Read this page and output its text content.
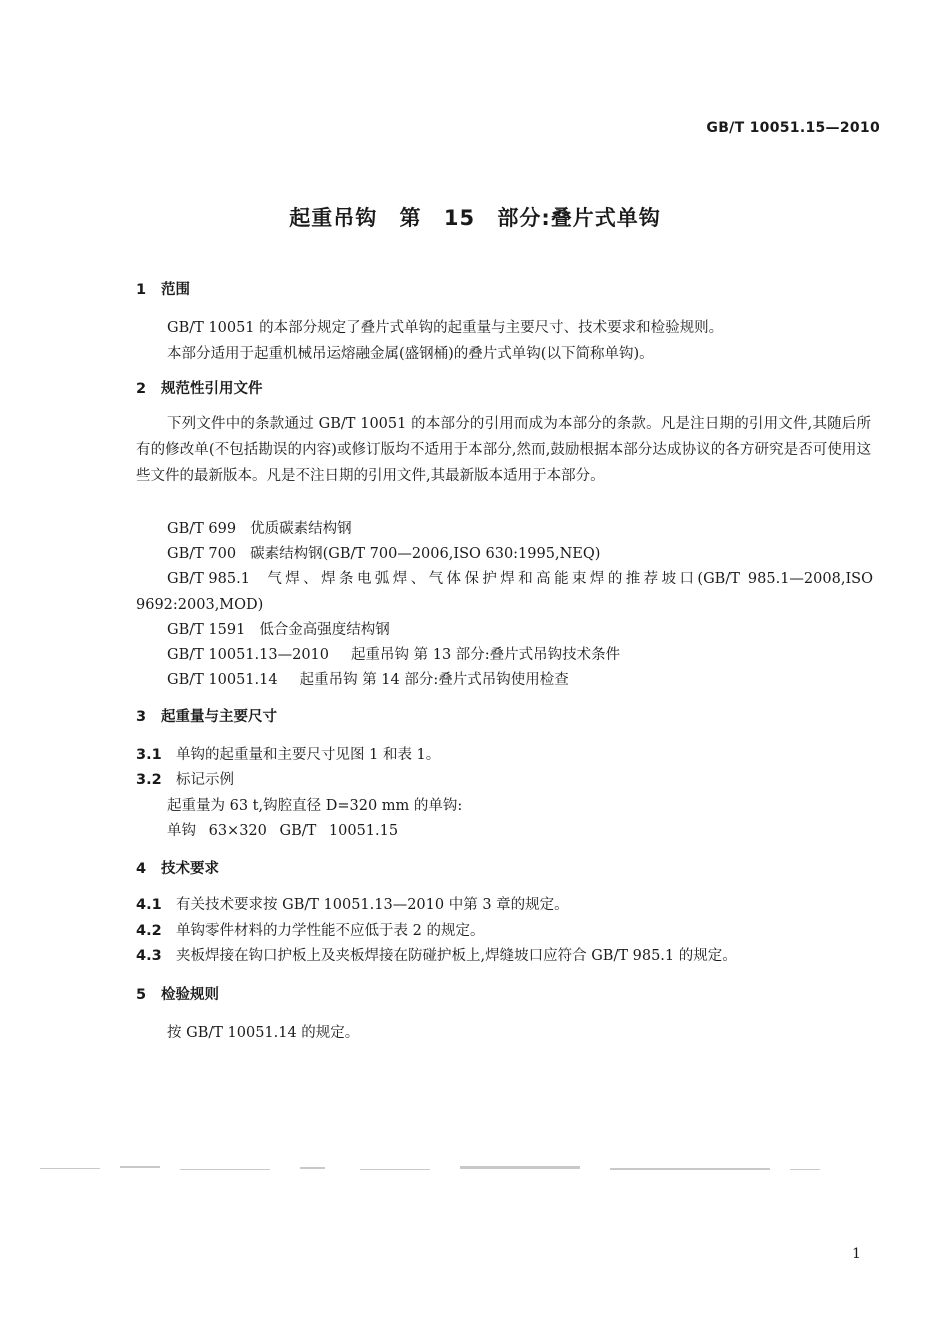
GB/T 10051.15—2010
起重吊钩 第 15 部分:叠片式单钩
1 范围
GB/T 10051 的本部分规定了叠片式单钩的起重量与主要尺寸、技术要求和检验规则。
本部分适用于起重机械吊运熔融金属(盛钢桶)的叠片式单钩(以下简称单钩)。
2 规范性引用文件
下列文件中的条款通过 GB/T 10051 的本部分的引用而成为本部分的条款。凡是注日期的引用文件,其随后所有的修改单(不包括勘误的内容)或修订版均不适用于本部分,然而,鼓励根据本部分达成协议的各方研究是否可使用这些文件的最新版本。凡是不注日期的引用文件,其最新版本适用于本部分。
GB/T 699 优质碳素结构钢
GB/T 700 碳素结构钢(GB/T 700—2006,ISO 630:1995,NEQ)
GB/T 985.1 气焊、焊条电弧焊、气体保护焊和高能束焊的推荐坡口(GB/T 985.1—2008,ISO 9692:2003,MOD)
GB/T 1591 低合金高强度结构钢
GB/T 10051.13—2010 起重吊钩 第 13 部分:叠片式吊钩技术条件
GB/T 10051.14 起重吊钩 第 14 部分:叠片式吊钩使用检查
3 起重量与主要尺寸
3.1 单钩的起重量和主要尺寸见图 1 和表 1。
3.2 标记示例
起重量为 63 t,钩腔直径 D=320 mm 的单钩:
单钩 63×320 GB/T 10051.15
4 技术要求
4.1 有关技术要求按 GB/T 10051.13—2010 中第 3 章的规定。
4.2 单钩零件材料的力学性能不应低于表 2 的规定。
4.3 夹板焊接在钩口护板上及夹板焊接在防碰护板上,焊缝坡口应符合 GB/T 985.1 的规定。
5 检验规则
按 GB/T 10051.14 的规定。
1
